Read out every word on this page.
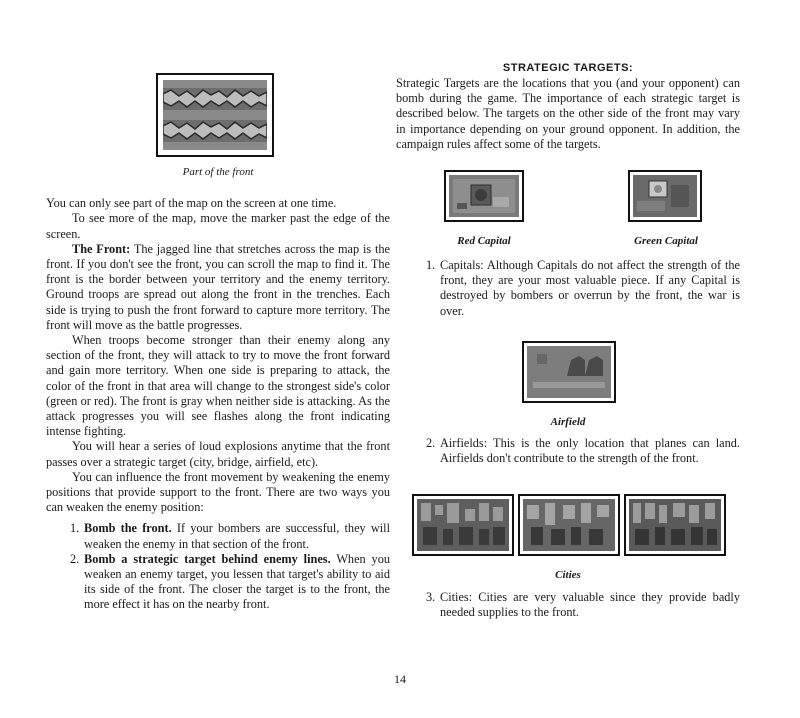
Part of the front

You can only see part of the map on the screen at one time.

To see more of the map, move the marker past the edge of the screen.

The Front: The jagged line that stretches across the map is the front. If you don't see the front, you can scroll the map to find it. The front is the border between your territory and the enemy territory. Ground troops are spread out along the front in the trenches. Each side is trying to push the front forward to capture more territory. The front will move as the battle progresses.

When troops become stronger than their enemy along any section of the front, they will attack to try to move the front forward and gain more territory. When one side is preparing to attack, the color of the front in that area will change to the strongest side's color (green or red). The front is gray when neither side is attacking. As the attack progresses you will see flashes along the front indicating intense fighting.

You will hear a series of loud explosions anytime that the front passes over a strategic target (city, bridge, airfield, etc).

You can influence the front movement by weakening the enemy positions that provide support to the front. There are two ways you can weaken the enemy position:

1. Bomb the front. If your bombers are successful, they will weaken the enemy in that section of the front.
2. Bomb a strategic target behind enemy lines. When you weaken an enemy target, you lessen that target's ability to aid its side of the front. The closer the target is to the front, the more effect it has on the nearby front.
STRATEGIC TARGETS:

Strategic Targets are the locations that you (and your opponent) can bomb during the game. The importance of each strategic target is described below. The targets on the other side of the front may vary in importance depending on your ground opponent. In addition, the campaign rules affect some of the targets.

Red Capital	Green Capital

1. Capitals: Although Capitals do not affect the strength of the front, they are your most valuable piece. If any Capital is destroyed by bombers or overrun by the front, the war is over.

Airfield

2. Airfields: This is the only location that planes can land. Airfields don't contribute to the strength of the front.

Cities

3. Cities: Cities are very valuable since they provide badly needed supplies to the front.

14
